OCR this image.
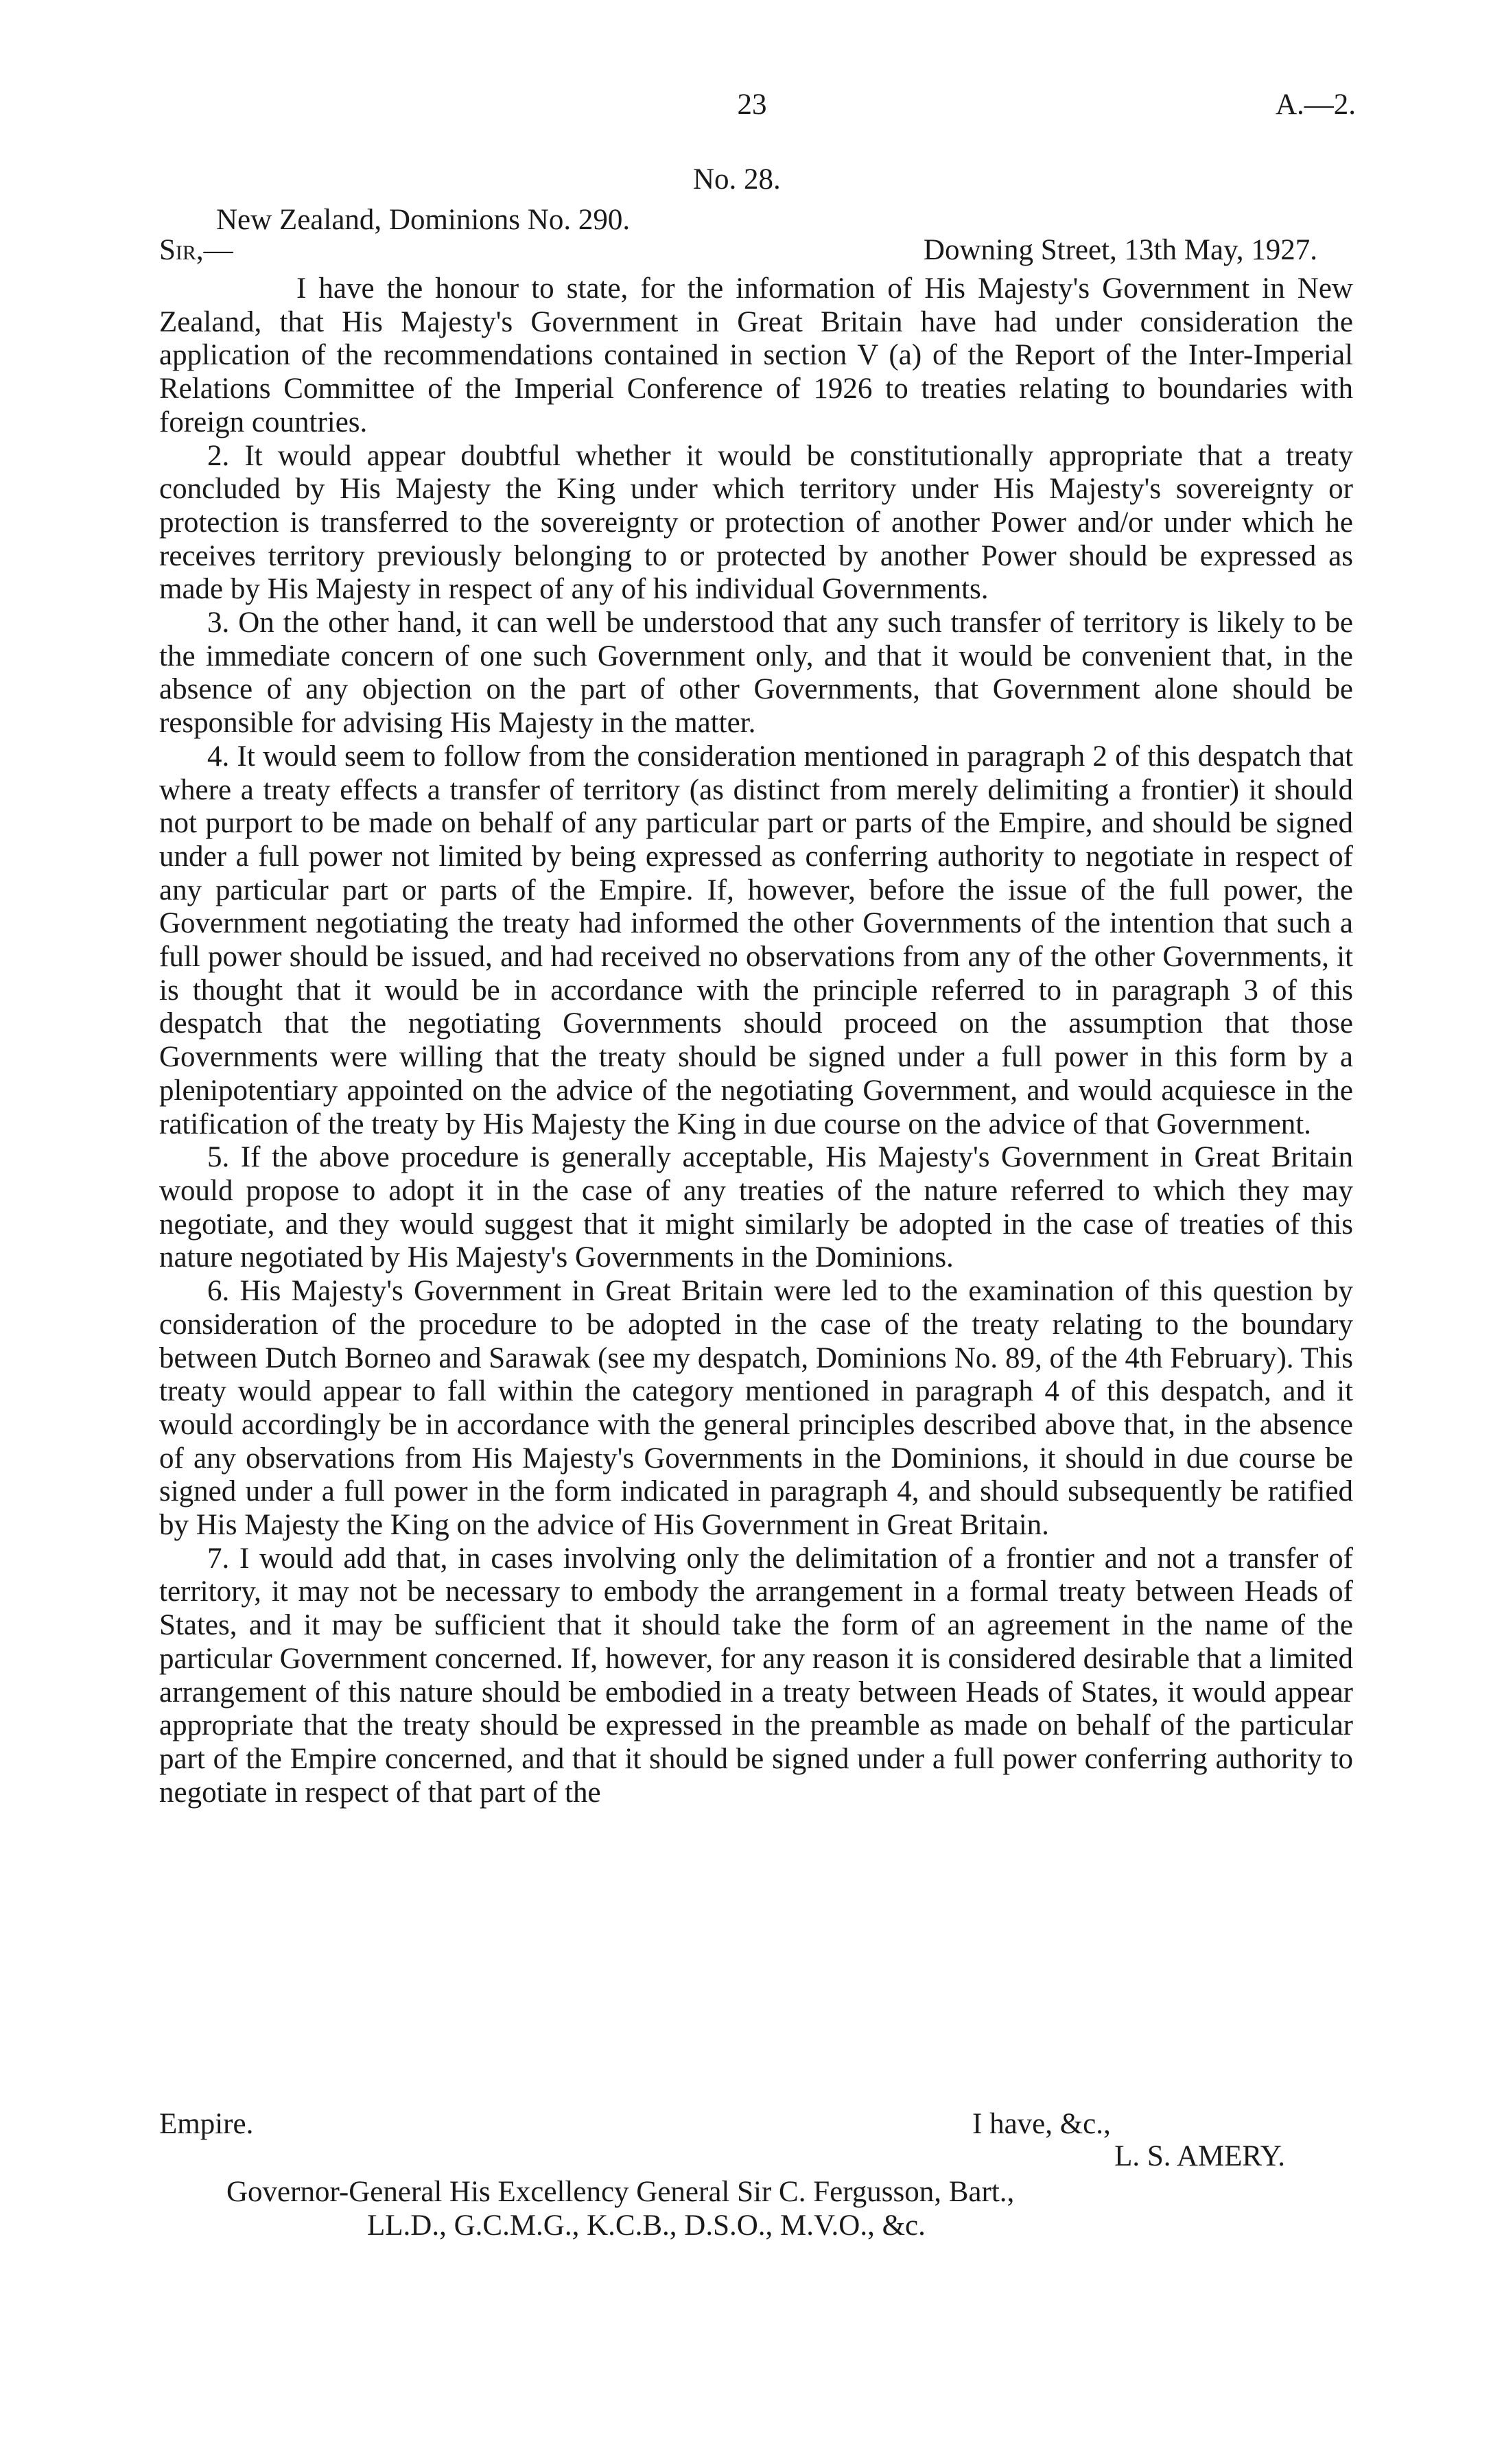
23	A.—2.
No. 28.
New Zealand, Dominions No. 290.
Sir,—	Downing Street, 13th May, 1927.

I have the honour to state, for the information of His Majesty's Government in New Zealand, that His Majesty's Government in Great Britain have had under consideration the application of the recommendations contained in section V (a) of the Report of the Inter-Imperial Relations Committee of the Imperial Conference of 1926 to treaties relating to boundaries with foreign countries.

2. It would appear doubtful whether it would be constitutionally appropriate that a treaty concluded by His Majesty the King under which territory under His Majesty's sovereignty or protection is transferred to the sovereignty or protection of another Power and/or under which he receives territory previously belonging to or protected by another Power should be expressed as made by His Majesty in respect of any of his individual Governments.

3. On the other hand, it can well be understood that any such transfer of territory is likely to be the immediate concern of one such Government only, and that it would be convenient that, in the absence of any objection on the part of other Governments, that Government alone should be responsible for advising His Majesty in the matter.

4. It would seem to follow from the consideration mentioned in paragraph 2 of this despatch that where a treaty effects a transfer of territory (as distinct from merely delimiting a frontier) it should not purport to be made on behalf of any particular part or parts of the Empire, and should be signed under a full power not limited by being expressed as conferring authority to negotiate in respect of any particular part or parts of the Empire. If, however, before the issue of the full power, the Government negotiating the treaty had informed the other Governments of the intention that such a full power should be issued, and had received no observations from any of the other Governments, it is thought that it would be in accordance with the principle referred to in paragraph 3 of this despatch that the negotiating Governments should proceed on the assumption that those Governments were willing that the treaty should be signed under a full power in this form by a plenipotentiary appointed on the advice of the negotiating Government, and would acquiesce in the ratification of the treaty by His Majesty the King in due course on the advice of that Government.

5. If the above procedure is generally acceptable, His Majesty's Government in Great Britain would propose to adopt it in the case of any treaties of the nature referred to which they may negotiate, and they would suggest that it might similarly be adopted in the case of treaties of this nature negotiated by His Majesty's Governments in the Dominions.

6. His Majesty's Government in Great Britain were led to the examination of this question by consideration of the procedure to be adopted in the case of the treaty relating to the boundary between Dutch Borneo and Sarawak (see my despatch, Dominions No. 89, of the 4th February). This treaty would appear to fall within the category mentioned in paragraph 4 of this despatch, and it would accordingly be in accordance with the general principles described above that, in the absence of any observations from His Majesty's Governments in the Dominions, it should in due course be signed under a full power in the form indicated in paragraph 4, and should subsequently be ratified by His Majesty the King on the advice of His Government in Great Britain.

7. I would add that, in cases involving only the delimitation of a frontier and not a transfer of territory, it may not be necessary to embody the arrangement in a formal treaty between Heads of States, and it may be sufficient that it should take the form of an agreement in the name of the particular Government concerned. If, however, for any reason it is considered desirable that a limited arrangement of this nature should be embodied in a treaty between Heads of States, it would appear appropriate that the treaty should be expressed in the preamble as made on behalf of the particular part of the Empire concerned, and that it should be signed under a full power conferring authority to negotiate in respect of that part of the

Empire.	I have, &c.,
L. S. AMERY.
Governor-General His Excellency General Sir C. Fergusson, Bart.,
LL.D., G.C.M.G., K.C.B., D.S.O., M.V.O., &c.
